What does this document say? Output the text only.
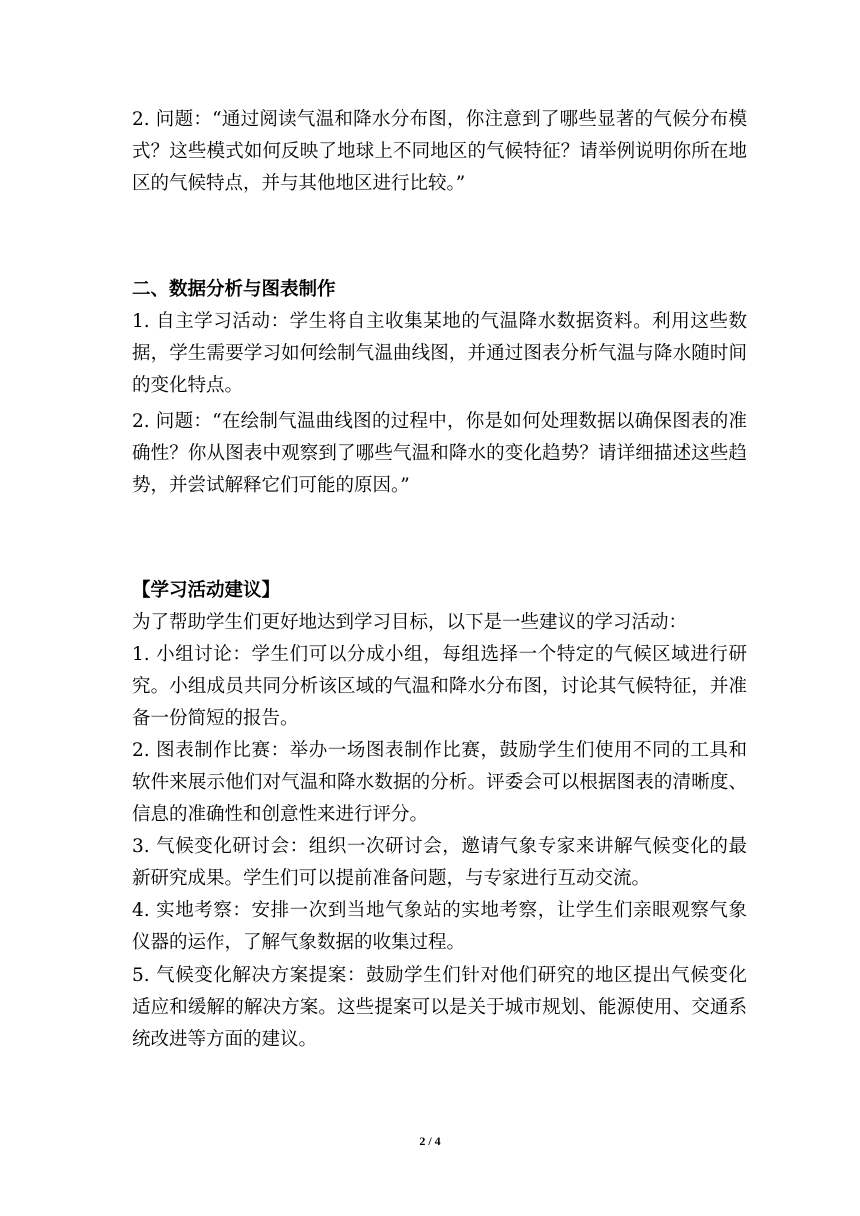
2. 问题：“通过阅读气温和降水分布图，你注意到了哪些显著的气候分布模式？这些模式如何反映了地球上不同地区的气候特征？请举例说明你所在地区的气候特点，并与其他地区进行比较。”

二、数据分析与图表制作

1. 自主学习活动：学生将自主收集某地的气温降水数据资料。利用这些数据，学生需要学习如何绘制气温曲线图，并通过图表分析气温与降水随时间的变化特点。

2. 问题：“在绘制气温曲线图的过程中，你是如何处理数据以确保图表的准确性？你从图表中观察到了哪些气温和降水的变化趋势？请详细描述这些趋势，并尝试解释它们可能的原因。”

【学习活动建议】

为了帮助学生们更好地达到学习目标，以下是一些建议的学习活动：

1. 小组讨论：学生们可以分成小组，每组选择一个特定的气候区域进行研究。小组成员共同分析该区域的气温和降水分布图，讨论其气候特征，并准备一份简短的报告。

2. 图表制作比赛：举办一场图表制作比赛，鼓励学生们使用不同的工具和软件来展示他们对气温和降水数据的分析。评委会可以根据图表的清晰度、信息的准确性和创意性来进行评分。

3. 气候变化研讨会：组织一次研讨会，邀请气象专家来讲解气候变化的最新研究成果。学生们可以提前准备问题，与专家进行互动交流。

4. 实地考察：安排一次到当地气象站的实地考察，让学生们亲眼观察气象仪器的运作，了解气象数据的收集过程。

5. 气候变化解决方案提案：鼓励学生们针对他们研究的地区提出气候变化适应和缓解的解决方案。这些提案可以是关于城市规划、能源使用、交通系统改进等方面的建议。

2 / 4
